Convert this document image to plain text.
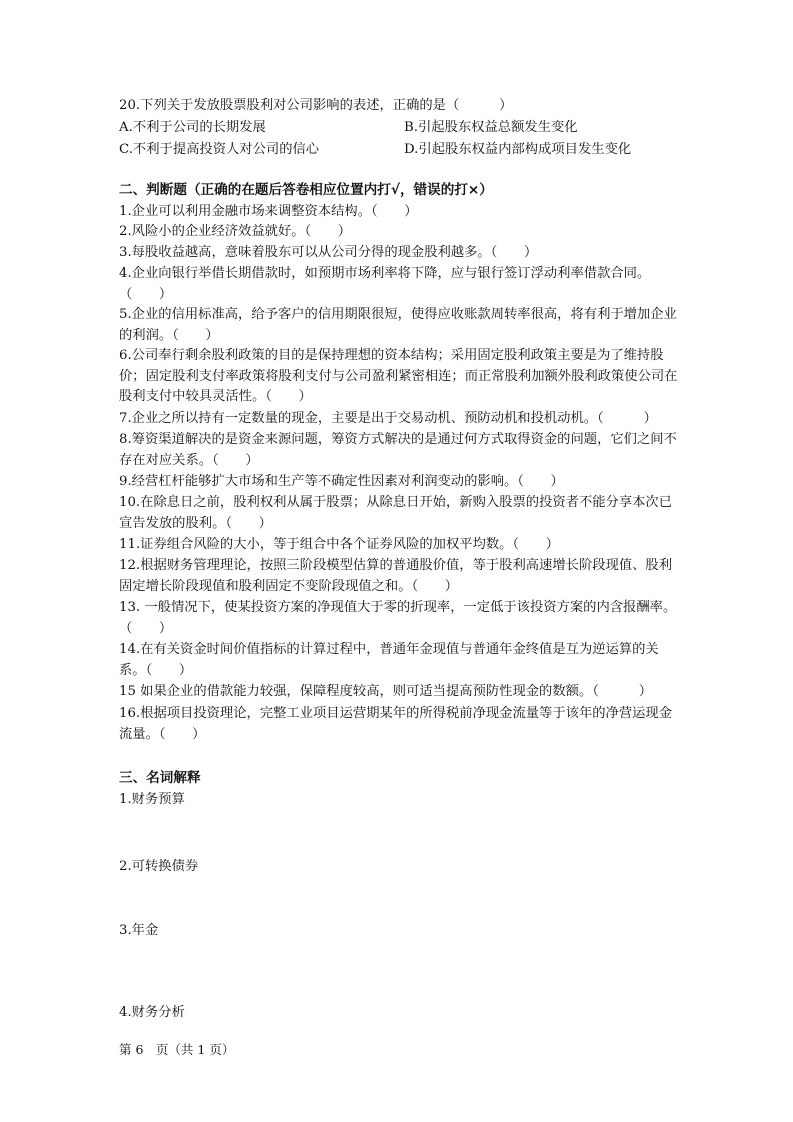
20.下列关于发放股票股利对公司影响的表述，正确的是（　　　）
A.不利于公司的长期发展	B.引起股东权益总额发生变化
C.不利于提高投资人对公司的信心	D.引起股东权益内部构成项目发生变化
二、判断题（正确的在题后答卷相应位置内打√，错误的打×）
1.企业可以利用金融市场来调整资本结构。（　　）
2.风险小的企业经济效益就好。（　　）
3.每股收益越高，意味着股东可以从公司分得的现金股利越多。（　　）
4.企业向银行举借长期借款时，如预期市场利率将下降，应与银行签订浮动利率借款合同。（　　）
5.企业的信用标准高，给予客户的信用期限很短，使得应收账款周转率很高，将有利于增加企业的利润。（　　）
6.公司奉行剩余股利政策的目的是保持理想的资本结构；采用固定股利政策主要是为了维持股价；固定股利支付率政策将股利支付与公司盈利紧密相连；而正常股利加额外股利政策使公司在股利支付中较具灵活性。（　　）
7.企业之所以持有一定数量的现金，主要是出于交易动机、预防动机和投机动机。（　　　）
8.筹资渠道解决的是资金来源问题，筹资方式解决的是通过何方式取得资金的问题，它们之间不存在对应关系。（　　）
9.经营杠杆能够扩大市场和生产等不确定性因素对利润变动的影响。（　　）
10.在除息日之前，股利权利从属于股票；从除息日开始，新购入股票的投资者不能分享本次已宣告发放的股利。（　　）
11.证券组合风险的大小，等于组合中各个证券风险的加权平均数。（　　）
12.根据财务管理理论，按照三阶段模型估算的普通股价值，等于股利高速增长阶段现值、股利固定增长阶段现值和股利固定不变阶段现值之和。（　　）
13. 一般情况下，使某投资方案的净现值大于零的折现率，一定低于该投资方案的内含报酬率。（　　）
14.在有关资金时间价值指标的计算过程中，普通年金现值与普通年金终值是互为逆运算的关系。（　　）
15 如果企业的借款能力较强，保障程度较高，则可适当提高预防性现金的数额。（　　　）
16.根据项目投资理论，完整工业项目运营期某年的所得税前净现金流量等于该年的净营运现金流量。（　　）
三、名词解释
1.财务预算
2.可转换债券
3.年金
4.财务分析
第 6　页（共 1 页）
